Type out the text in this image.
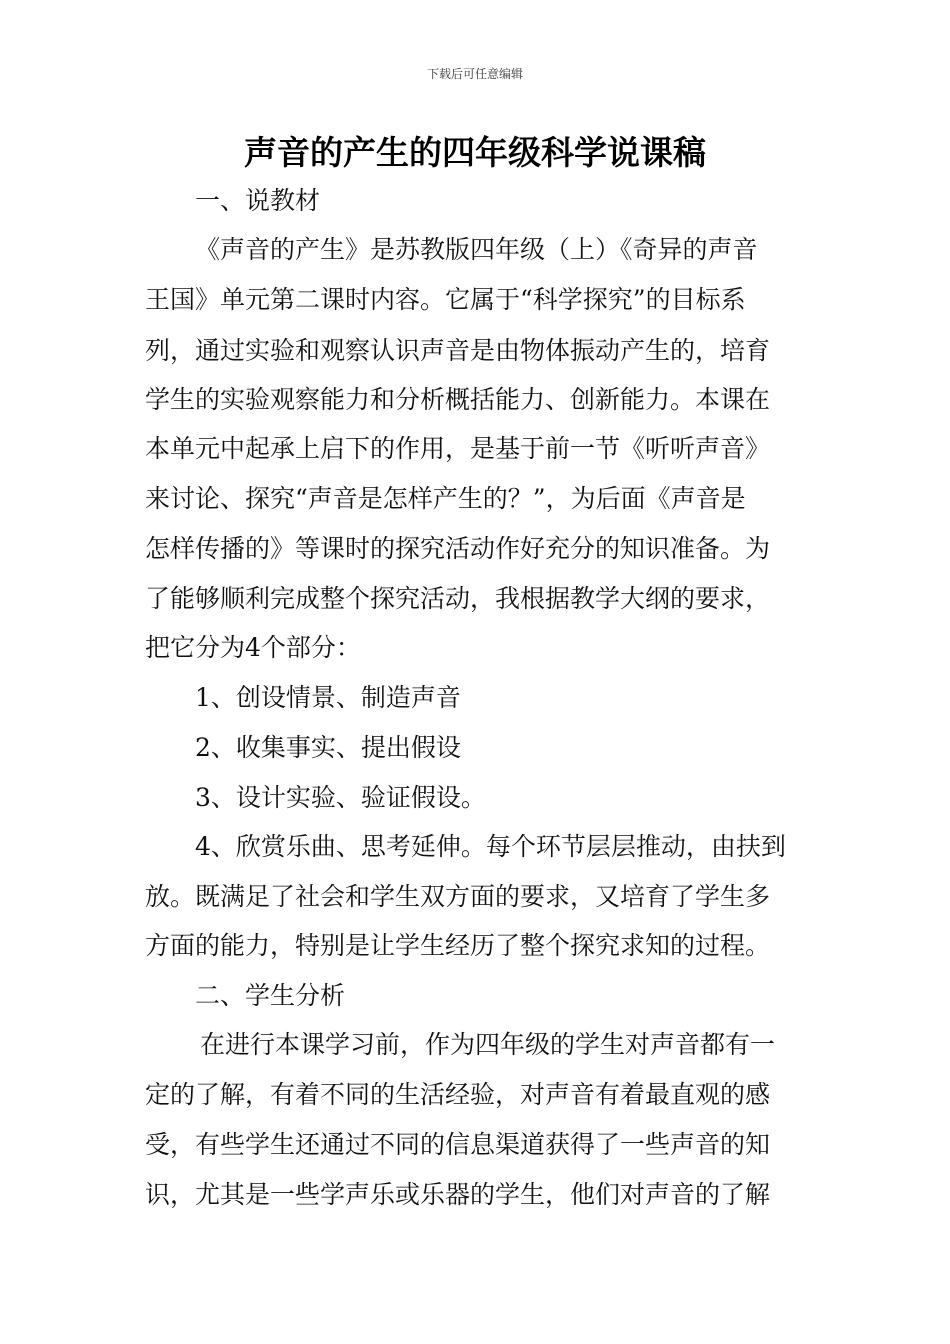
下载后可任意编辑
声音的产生的四年级科学说课稿
一、说教材
《声音的产生》是苏教版四年级（上）《奇异的声音
王国》单元第二课时内容。它属于“科学探究”的目标系
列，通过实验和观察认识声音是由物体振动产生的，培育
学生的实验观察能力和分析概括能力、创新能力。本课在
本单元中起承上启下的作用，是基于前一节《听听声音》
来讨论、探究“声音是怎样产生的？”，为后面《声音是
怎样传播的》等课时的探究活动作好充分的知识准备。为
了能够顺利完成整个探究活动，我根据教学大纲的要求，
把它分为4个部分：
1、创设情景、制造声音
2、收集事实、提出假设
3、设计实验、验证假设。
4、欣赏乐曲、思考延伸。每个环节层层推动，由扶到
放。既满足了社会和学生双方面的要求，又培育了学生多
方面的能力，特别是让学生经历了整个探究求知的过程。
二、学生分析
在进行本课学习前，作为四年级的学生对声音都有一
定的了解，有着不同的生活经验，对声音有着最直观的感
受，有些学生还通过不同的信息渠道获得了一些声音的知
识，尤其是一些学声乐或乐器的学生，他们对声音的了解
